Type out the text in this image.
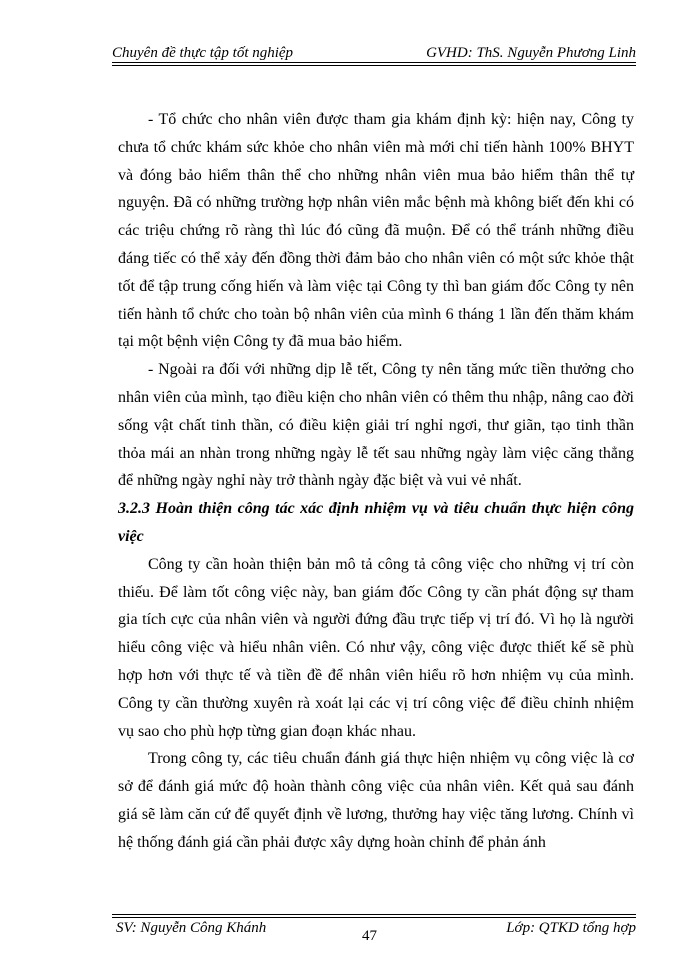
Chuyên đề thực tập tốt nghiệp	GVHD: ThS. Nguyễn Phương Linh

- Tổ chức cho nhân viên được tham gia khám định kỳ: hiện nay, Công ty chưa tổ chức khám sức khỏe cho nhân viên mà mới chỉ tiến hành 100% BHYT và đóng bảo hiểm thân thể cho những nhân viên mua bảo hiểm thân thể tự nguyện. Đã có những trường hợp nhân viên mắc bệnh mà không biết đến khi có các triệu chứng rõ ràng thì lúc đó cũng đã muộn. Để có thể tránh những điều đáng tiếc có thể xảy đến đồng thời đảm bảo cho nhân viên có một sức khỏe thật tốt để tập trung cống hiến và làm việc tại Công ty thì ban giám đốc Công ty nên tiến hành tổ chức cho toàn bộ nhân viên của mình 6 tháng 1 lần đến thăm khám tại một bệnh viện Công ty đã mua bảo hiểm.

- Ngoài ra đối với những dịp lễ tết, Công ty nên tăng mức tiền thưởng cho nhân viên của mình, tạo điều kiện cho nhân viên có thêm thu nhập, nâng cao đời sống vật chất tinh thần, có điều kiện giải trí nghỉ ngơi, thư giãn, tạo tinh thần thỏa mái an nhàn trong những ngày lễ tết sau những ngày làm việc căng thẳng để những ngày nghỉ này trở thành ngày đặc biệt và vui vẻ nhất.

3.2.3 Hoàn thiện công tác xác định nhiệm vụ và tiêu chuẩn thực hiện công việc

Công ty cần hoàn thiện bản mô tả công tả công việc cho những vị trí còn thiếu. Để làm tốt công việc này, ban giám đốc Công ty cần phát động sự tham gia tích cực của nhân viên và người đứng đầu trực tiếp vị trí đó. Vì họ là người hiểu công việc và hiểu nhân viên. Có như vậy, công việc được thiết kế sẽ phù hợp hơn với thực tế và tiền đề để nhân viên hiểu rõ hơn nhiệm vụ của mình. Công ty cần thường xuyên rà xoát lại các vị trí công việc để điều chỉnh nhiệm vụ sao cho phù hợp từng gian đoạn khác nhau.

Trong công ty, các tiêu chuẩn đánh giá thực hiện nhiệm vụ công việc là cơ sở để đánh giá mức độ hoàn thành công việc của nhân viên. Kết quả sau đánh giá sẽ làm căn cứ để quyết định về lương, thưởng hay việc tăng lương. Chính vì hệ thống đánh giá cần phải được xây dựng hoàn chỉnh để phản ánh

SV: Nguyễn Công Khánh	47	Lớp: QTKD tổng hợp
